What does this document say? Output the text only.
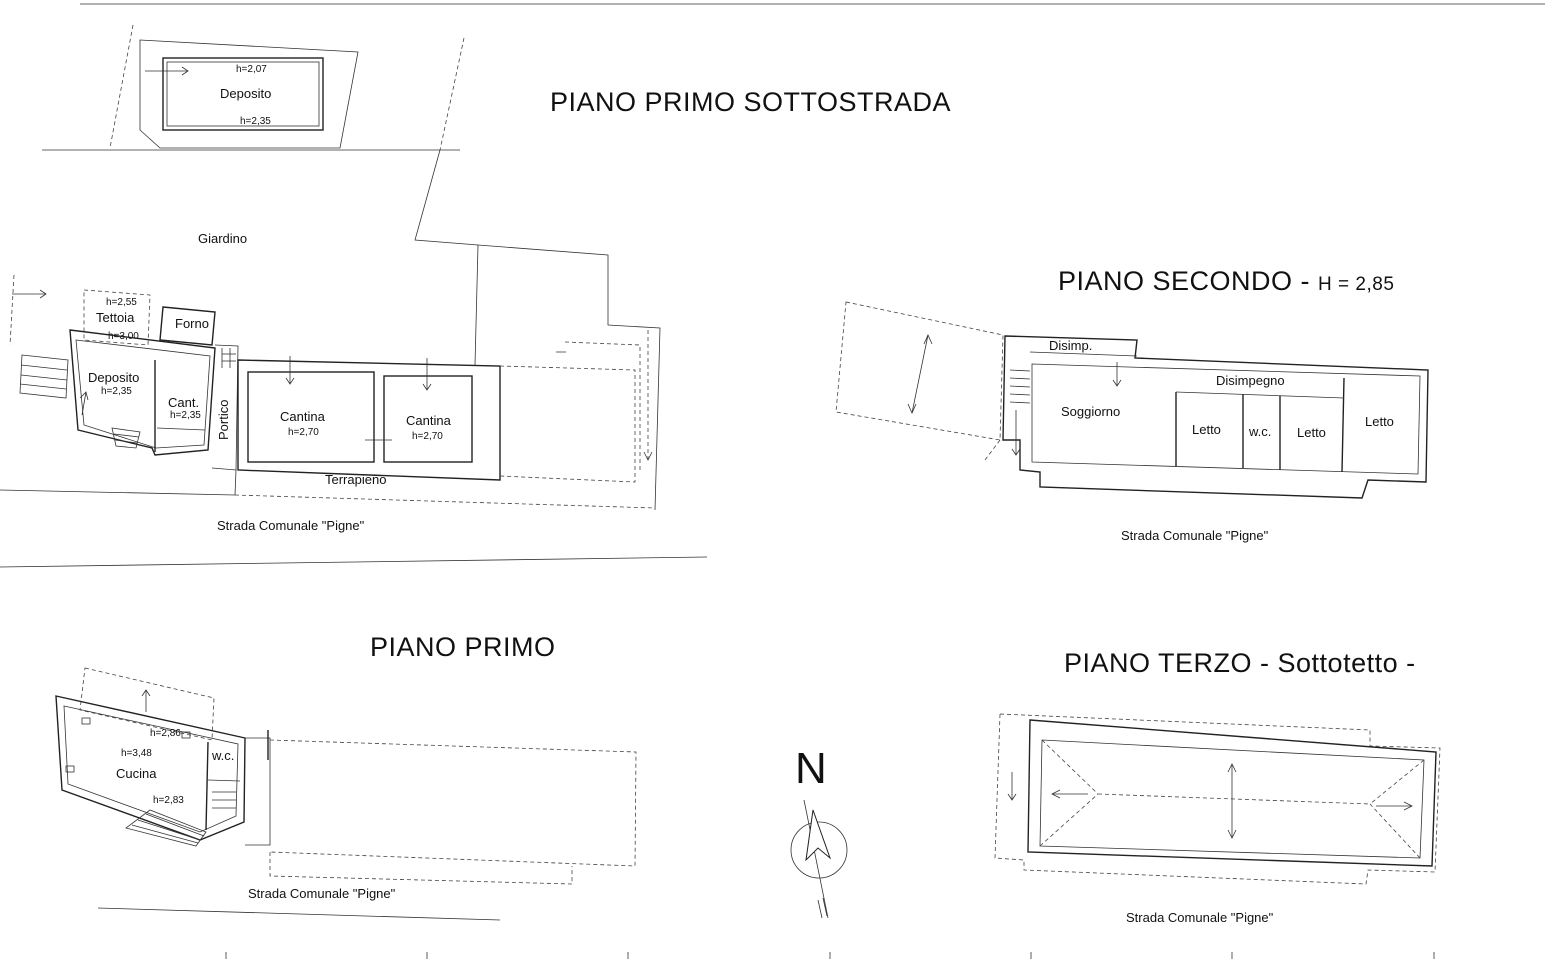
PIANO PRIMO SOTTOSTRADA
Deposito
h=2,07
h=2,35
Giardino
Tettoia
h=2,55
h=3,00
Forno
Deposito
h=2,35
Cant.
h=2,35 Portico	Cantina
h=2,70
Cantina
h=2,70
Terrapieno
Strada Comunale "Pigne"
PIANO SECONDO - H = 2,85
Disimp.
Disimpegno
Soggiorno
Letto w.c. Letto
Letto
Strada Comunale "Pigne"
PIANO PRIMO
h=2,86
h=3,48
Cucina
h=2,83
w.c.
Strada Comunale "Pigne"
N
PIANO TERZO - Sottotetto -
Strada Comunale "Pigne"
